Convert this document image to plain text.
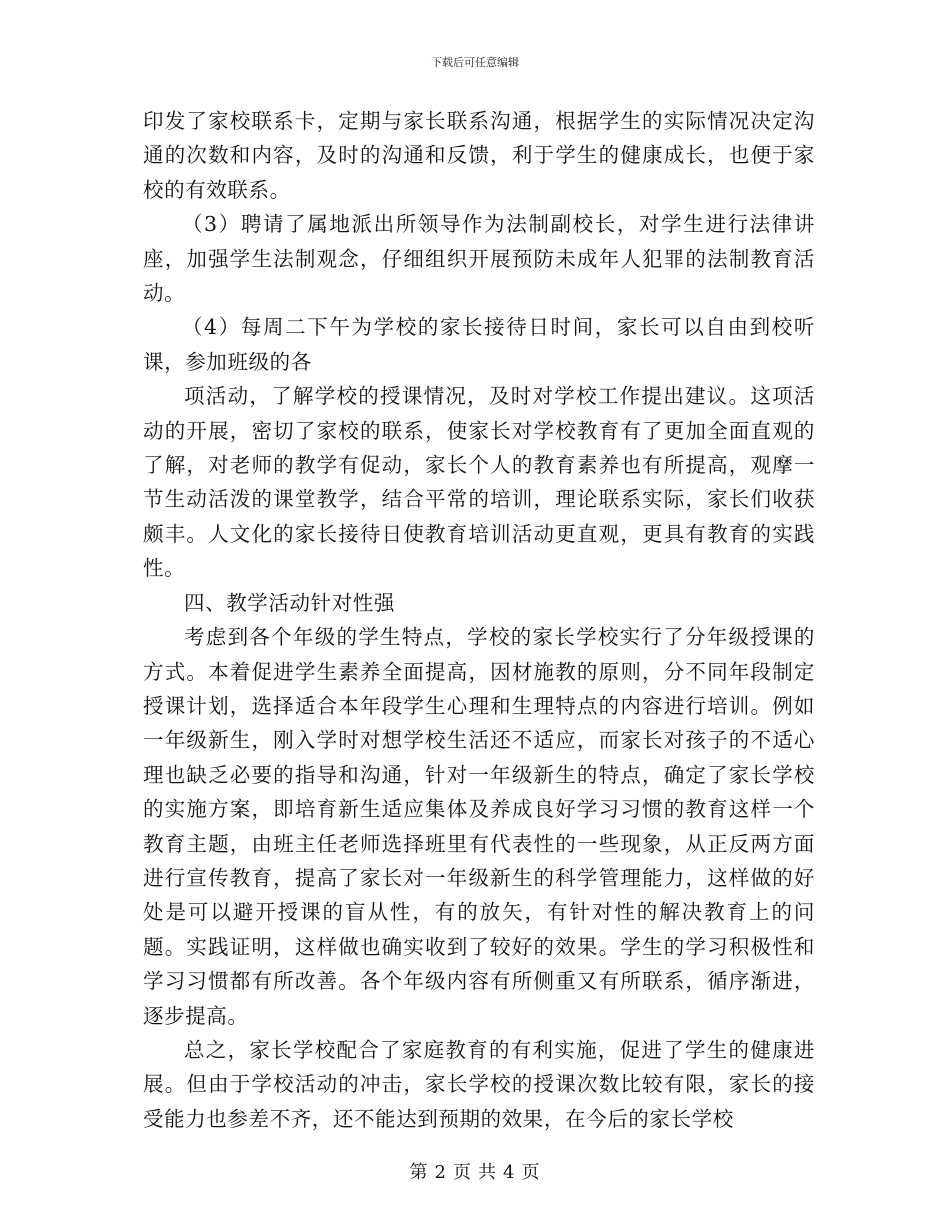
下载后可任意编辑

印发了家校联系卡，定期与家长联系沟通，根据学生的实际情况决定沟通的次数和内容，及时的沟通和反馈，利于学生的健康成长，也便于家校的有效联系。

（3）聘请了属地派出所领导作为法制副校长，对学生进行法律讲座，加强学生法制观念，仔细组织开展预防未成年人犯罪的法制教育活动。

（4）每周二下午为学校的家长接待日时间，家长可以自由到校听课，参加班级的各

项活动，了解学校的授课情况，及时对学校工作提出建议。这项活动的开展，密切了家校的联系，使家长对学校教育有了更加全面直观的了解，对老师的教学有促动，家长个人的教育素养也有所提高，观摩一节生动活泼的课堂教学，结合平常的培训，理论联系实际，家长们收获颇丰。人文化的家长接待日使教育培训活动更直观，更具有教育的实践性。

四、教学活动针对性强

考虑到各个年级的学生特点，学校的家长学校实行了分年级授课的方式。本着促进学生素养全面提高，因材施教的原则，分不同年段制定授课计划，选择适合本年段学生心理和生理特点的内容进行培训。例如一年级新生，刚入学时对想学校生活还不适应，而家长对孩子的不适心理也缺乏必要的指导和沟通，针对一年级新生的特点，确定了家长学校的实施方案，即培育新生适应集体及养成良好学习习惯的教育这样一个教育主题，由班主任老师选择班里有代表性的一些现象，从正反两方面进行宣传教育，提高了家长对一年级新生的科学管理能力，这样做的好处是可以避开授课的盲从性，有的放矢，有针对性的解决教育上的问题。实践证明，这样做也确实收到了较好的效果。学生的学习积极性和学习习惯都有所改善。各个年级内容有所侧重又有所联系，循序渐进，逐步提高。

总之，家长学校配合了家庭教育的有利实施，促进了学生的健康进展。但由于学校活动的冲击，家长学校的授课次数比较有限，家长的接受能力也参差不齐，还不能达到预期的效果，在今后的家长学校

第 2 页 共 4 页
